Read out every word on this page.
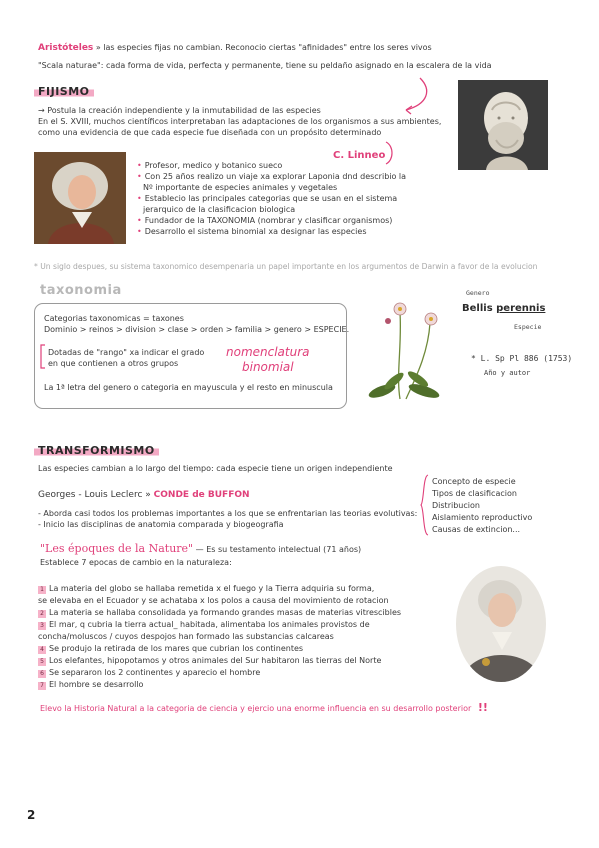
Aristóteles » las especies fijas no cambian. Reconocio ciertas "afinidades" entre los seres vivos
"Scala naturae": cada forma de vida, perfecta y permanente, tiene su peldaño asignado en la escalera de la vida
FIJISMO
→ Postula la creación independiente y la inmutabilidad de las especies
En el S. XVIII, muchos científicos interpretaban las adaptaciones de los organismos a sus ambientes,
como una evidencia de que cada especie fue diseñada con un propósito determinado
C. Linneo
• Profesor, medico y botanico sueco
• Con 25 años realizo un viaje xa explorar Laponia dnd describio la
Nº importante de especies animales y vegetales
• Establecio las principales categorias que se usan en el sistema
jerarquico de la clasificacion biologica
• Fundador de la TAXONOMIA (nombrar y clasificar organismos)
• Desarrollo el sistema binomial xa designar las especies
* Un siglo despues, su sistema taxonomico desempenaria un papel importante en los argumentos de Darwin a favor de la evolucion
taxonomia
Categorias taxonomicas = taxones
Dominio > reinos > division > clase > orden > familia > genero > ESPECIE.
Dotadas de "rango" xa indicar el grado
en que contienen a otros grupos
nomenclatura
binomial
La 1ª letra del genero o categoria en mayuscula y el resto en minuscula
Genero
Bellis perennis
Especie
* L. Sp Pl 886 (1753)
Año y autor
TRANSFORMISMO
Las especies cambian a lo largo del tiempo: cada especie tiene un origen independiente
Georges - Louis Leclerc » CONDE de BUFFON
- Aborda casi todos los problemas importantes a los que se enfrentarian las teorias evolutivas:
- Inicio las disciplinas de anatomia comparada y biogeografia
Concepto de especie
Tipos de clasificacion
Distribucion
Aislamiento reproductivo
Causas de extincion...
"Les époques de la Nature" — Es su testamento intelectual (71 años)
Establece 7 epocas de cambio en la naturaleza:
1 La materia del globo se hallaba remetida x el fuego y la Tierra adquiria su forma,
se elevaba en el Ecuador y se achataba x los polos a causa del movimiento de rotacion
2 La materia se hallaba consolidada ya formando grandes masas de materias vitrescibles
3 El mar, q cubria la tierra actual_ habitada, alimentaba los animales provistos de
concha/moluscos / cuyos despojos han formado las substancias calcareas
4 Se produjo la retirada de los mares que cubrian los continentes
5 Los elefantes, hipopotamos y otros animales del Sur habitaron las tierras del Norte
6 Se separaron los 2 continentes y aparecio el hombre
7 El hombre se desarrollo
Elevo la Historia Natural a la categoria de ciencia y ejercio una enorme influencia en su desarrollo posterior !!
2
